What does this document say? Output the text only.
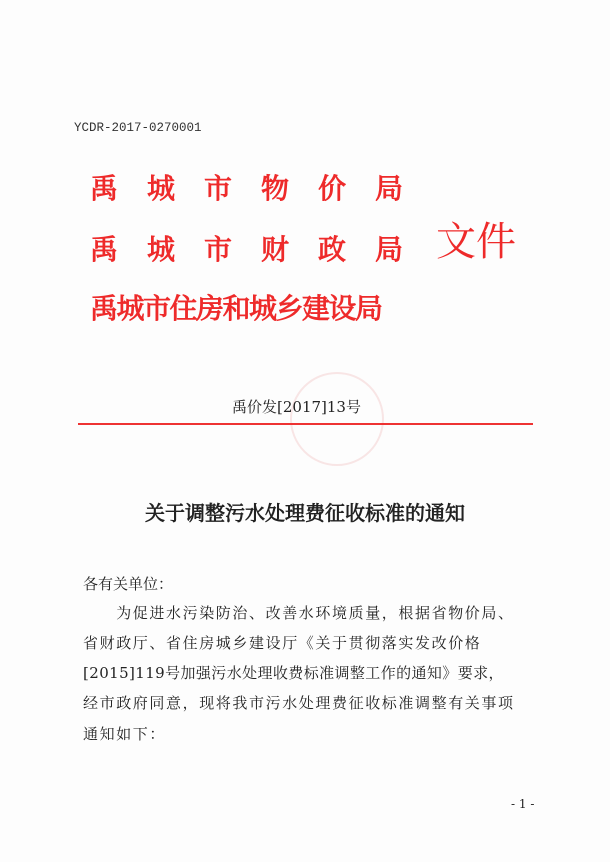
YCDR-2017-0270001
禹城市物价局
禹城市财政局
禹城市住房和城乡建设局
文件
禹价发[2017]13号
关于调整污水处理费征收标准的通知
各有关单位：
　　为促进水污染防治、改善水环境质量，根据省物价局、
省财政厅、省住房城乡建设厅《关于贯彻落实发改价格
[2015]119号加强污水处理收费标准调整工作的通知》要求，
经市政府同意，现将我市污水处理费征收标准调整有关事项
通知如下：
- 1 -
